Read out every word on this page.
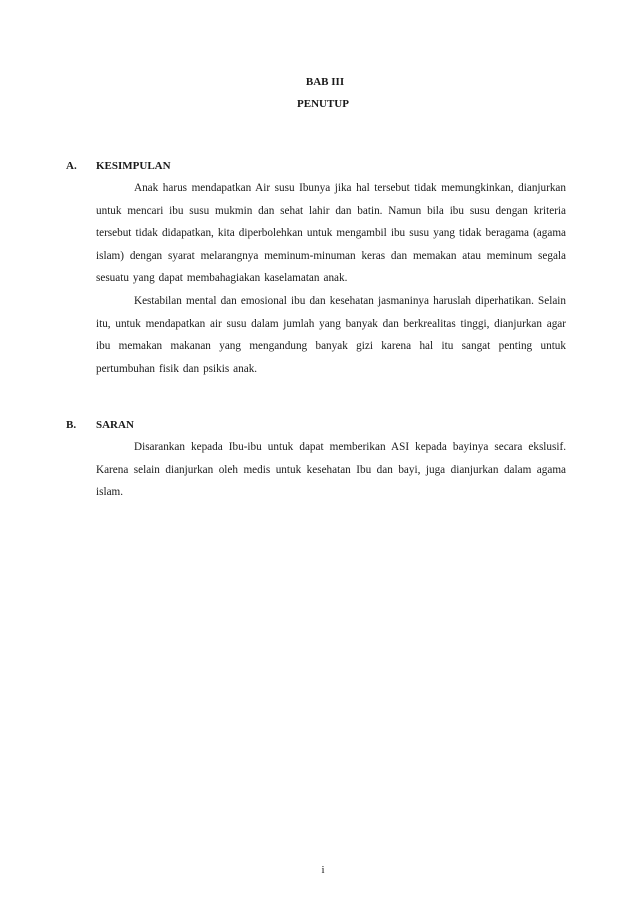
BAB III
PENUTUP
A.	KESIMPULAN

Anak harus mendapatkan Air susu Ibunya jika hal tersebut tidak memungkinkan, dianjurkan untuk mencari ibu susu mukmin dan sehat lahir dan batin. Namun bila ibu susu dengan kriteria tersebut tidak didapatkan, kita diperbolehkan untuk mengambil ibu susu yang tidak beragama (agama islam) dengan syarat melarangnya meminum-minuman keras dan memakan atau meminum segala sesuatu yang dapat membahagiakan kaselamatan anak.

Kestabilan mental dan emosional ibu dan kesehatan jasmaninya haruslah diperhatikan. Selain itu, untuk mendapatkan air susu dalam jumlah yang banyak dan berkrealitas tinggi, dianjurkan agar ibu memakan makanan yang mengandung banyak gizi karena hal itu sangat penting untuk pertumbuhan fisik dan psikis anak.

B.	SARAN

Disarankan kepada Ibu-ibu untuk dapat memberikan ASI kepada bayinya secara ekslusif. Karena selain dianjurkan oleh medis untuk kesehatan Ibu dan bayi, juga dianjurkan dalam agama islam.

i
